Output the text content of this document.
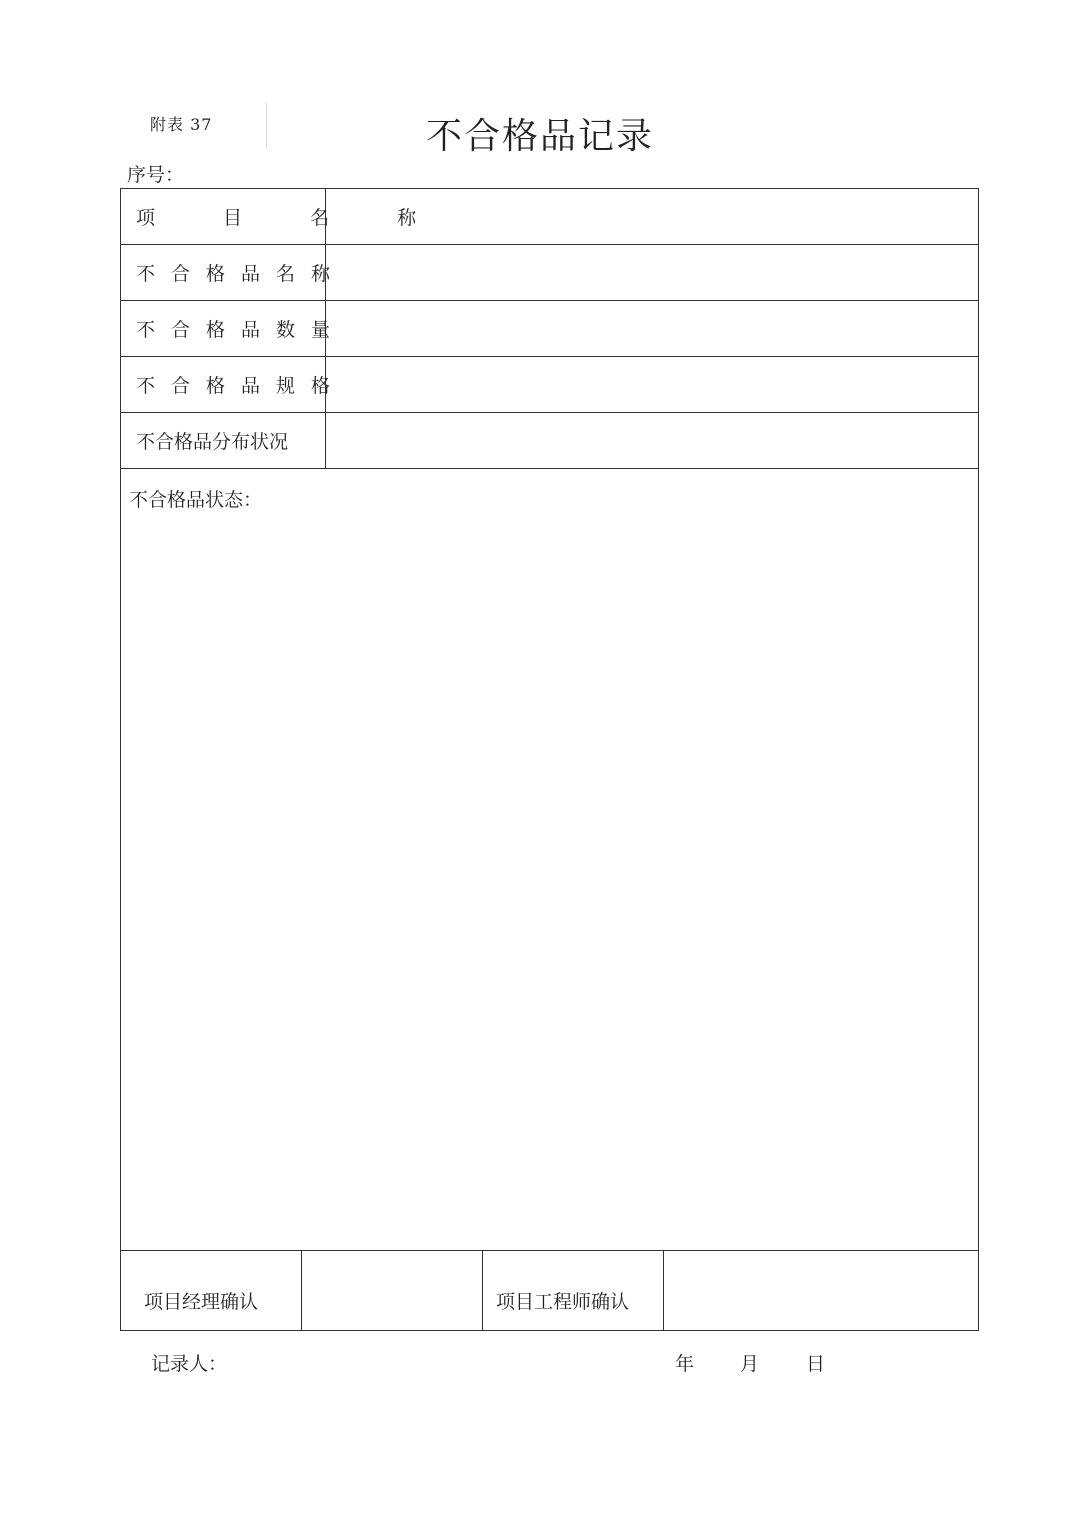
附表 37	不合格品记录
序号：
项 目 名 称				
不合格品名称				
不合格品数量				
不合格品规格				
不合格品分布状况				
不合格品状态：				
项目经理确认			项目工程师确认	
记录人：	年 月 日
